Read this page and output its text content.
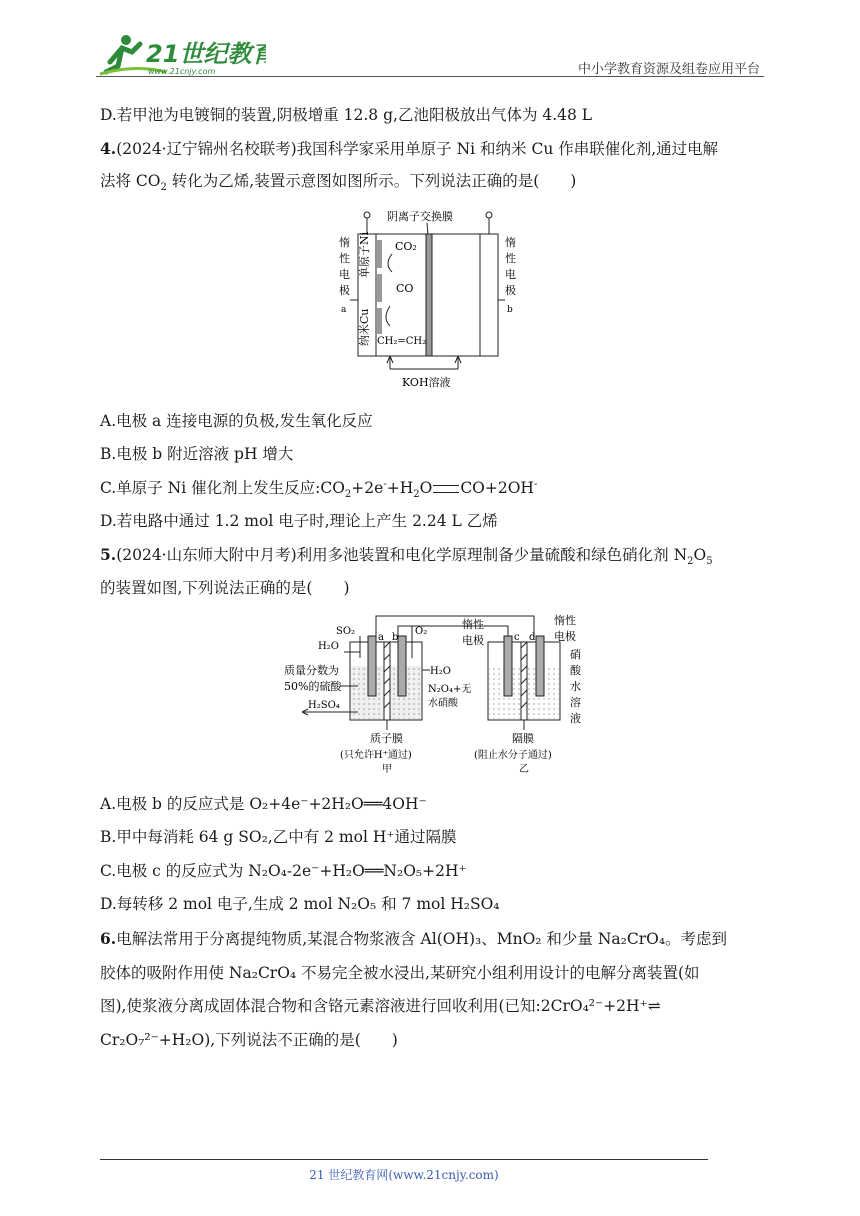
21世纪教育
www.21cnjy.com	中小学教育资源及组卷应用平台
D.若甲池为电镀铜的装置,阴极增重 12.8 g,乙池阳极放出气体为 4.48 L
4.(2024·辽宁锦州名校联考)我国科学家采用单原子 Ni 和纳米 Cu 作串联催化剂,通过电解
法将 $CO_2$ 转化为乙烯,装置示意图如图所示。下列说法正确的是(　　)
阴离子交换膜
惰
性
电
极
a
惰
性
电
极
b
单原子Ni
纳米Cu
CO₂
CO
CH₂=CH₂
KOH溶液
A.电极 a 连接电源的负极,发生氧化反应
B.电极 b 附近溶液 pH 增大
C.单原子 Ni 催化剂上发生反应$:CO_2+2e^-+H_2O$ CO+2OH-
D.若电路中通过 1.2 mol 电子时,理论上产生 2.24 L 乙烯
5.(2024·山东师大附中月考)利用多池装置和电化学原理制备少量硫酸和绿色硝化剂 $N_2O_5$
的装置如图,下列说法正确的是(　　)
a b
SO₂
H₂O
O₂
质量分数为
50%的硫酸
H₂SO₄
H₂O
N₂O₄+无
水硝酸
c d
惰性
电极
惰性
电极
硝
酸
水
溶
液
质子膜
(只允许H⁺通过)
甲
隔膜
(阻止水分子通过)
乙
A.电极 b 的反应式是 O₂+4e⁻+2H₂O══4OH⁻
B.甲中每消耗 64 g SO₂,乙中有 2 mol H⁺通过隔膜
C.电极 c 的反应式为 N₂O₄-2e⁻+H₂O══N₂O₅+2H⁺
D.每转移 2 mol 电子,生成 2 mol N₂O₅ 和 7 mol H₂SO₄
6.电解法常用于分离提纯物质,某混合物浆液含 Al(OH)₃、MnO₂ 和少量 Na₂CrO₄。考虑到
胶体的吸附作用使 Na₂CrO₄ 不易完全被水浸出,某研究小组利用设计的电解分离装置(如
图),使浆液分离成固体混合物和含铬元素溶液进行回收利用(已知:2CrO₄²⁻+2H⁺⇌
Cr₂O₇²⁻+H₂O),下列说法不正确的是(　　)
21 世纪教育网(www.21cnjy.com)
